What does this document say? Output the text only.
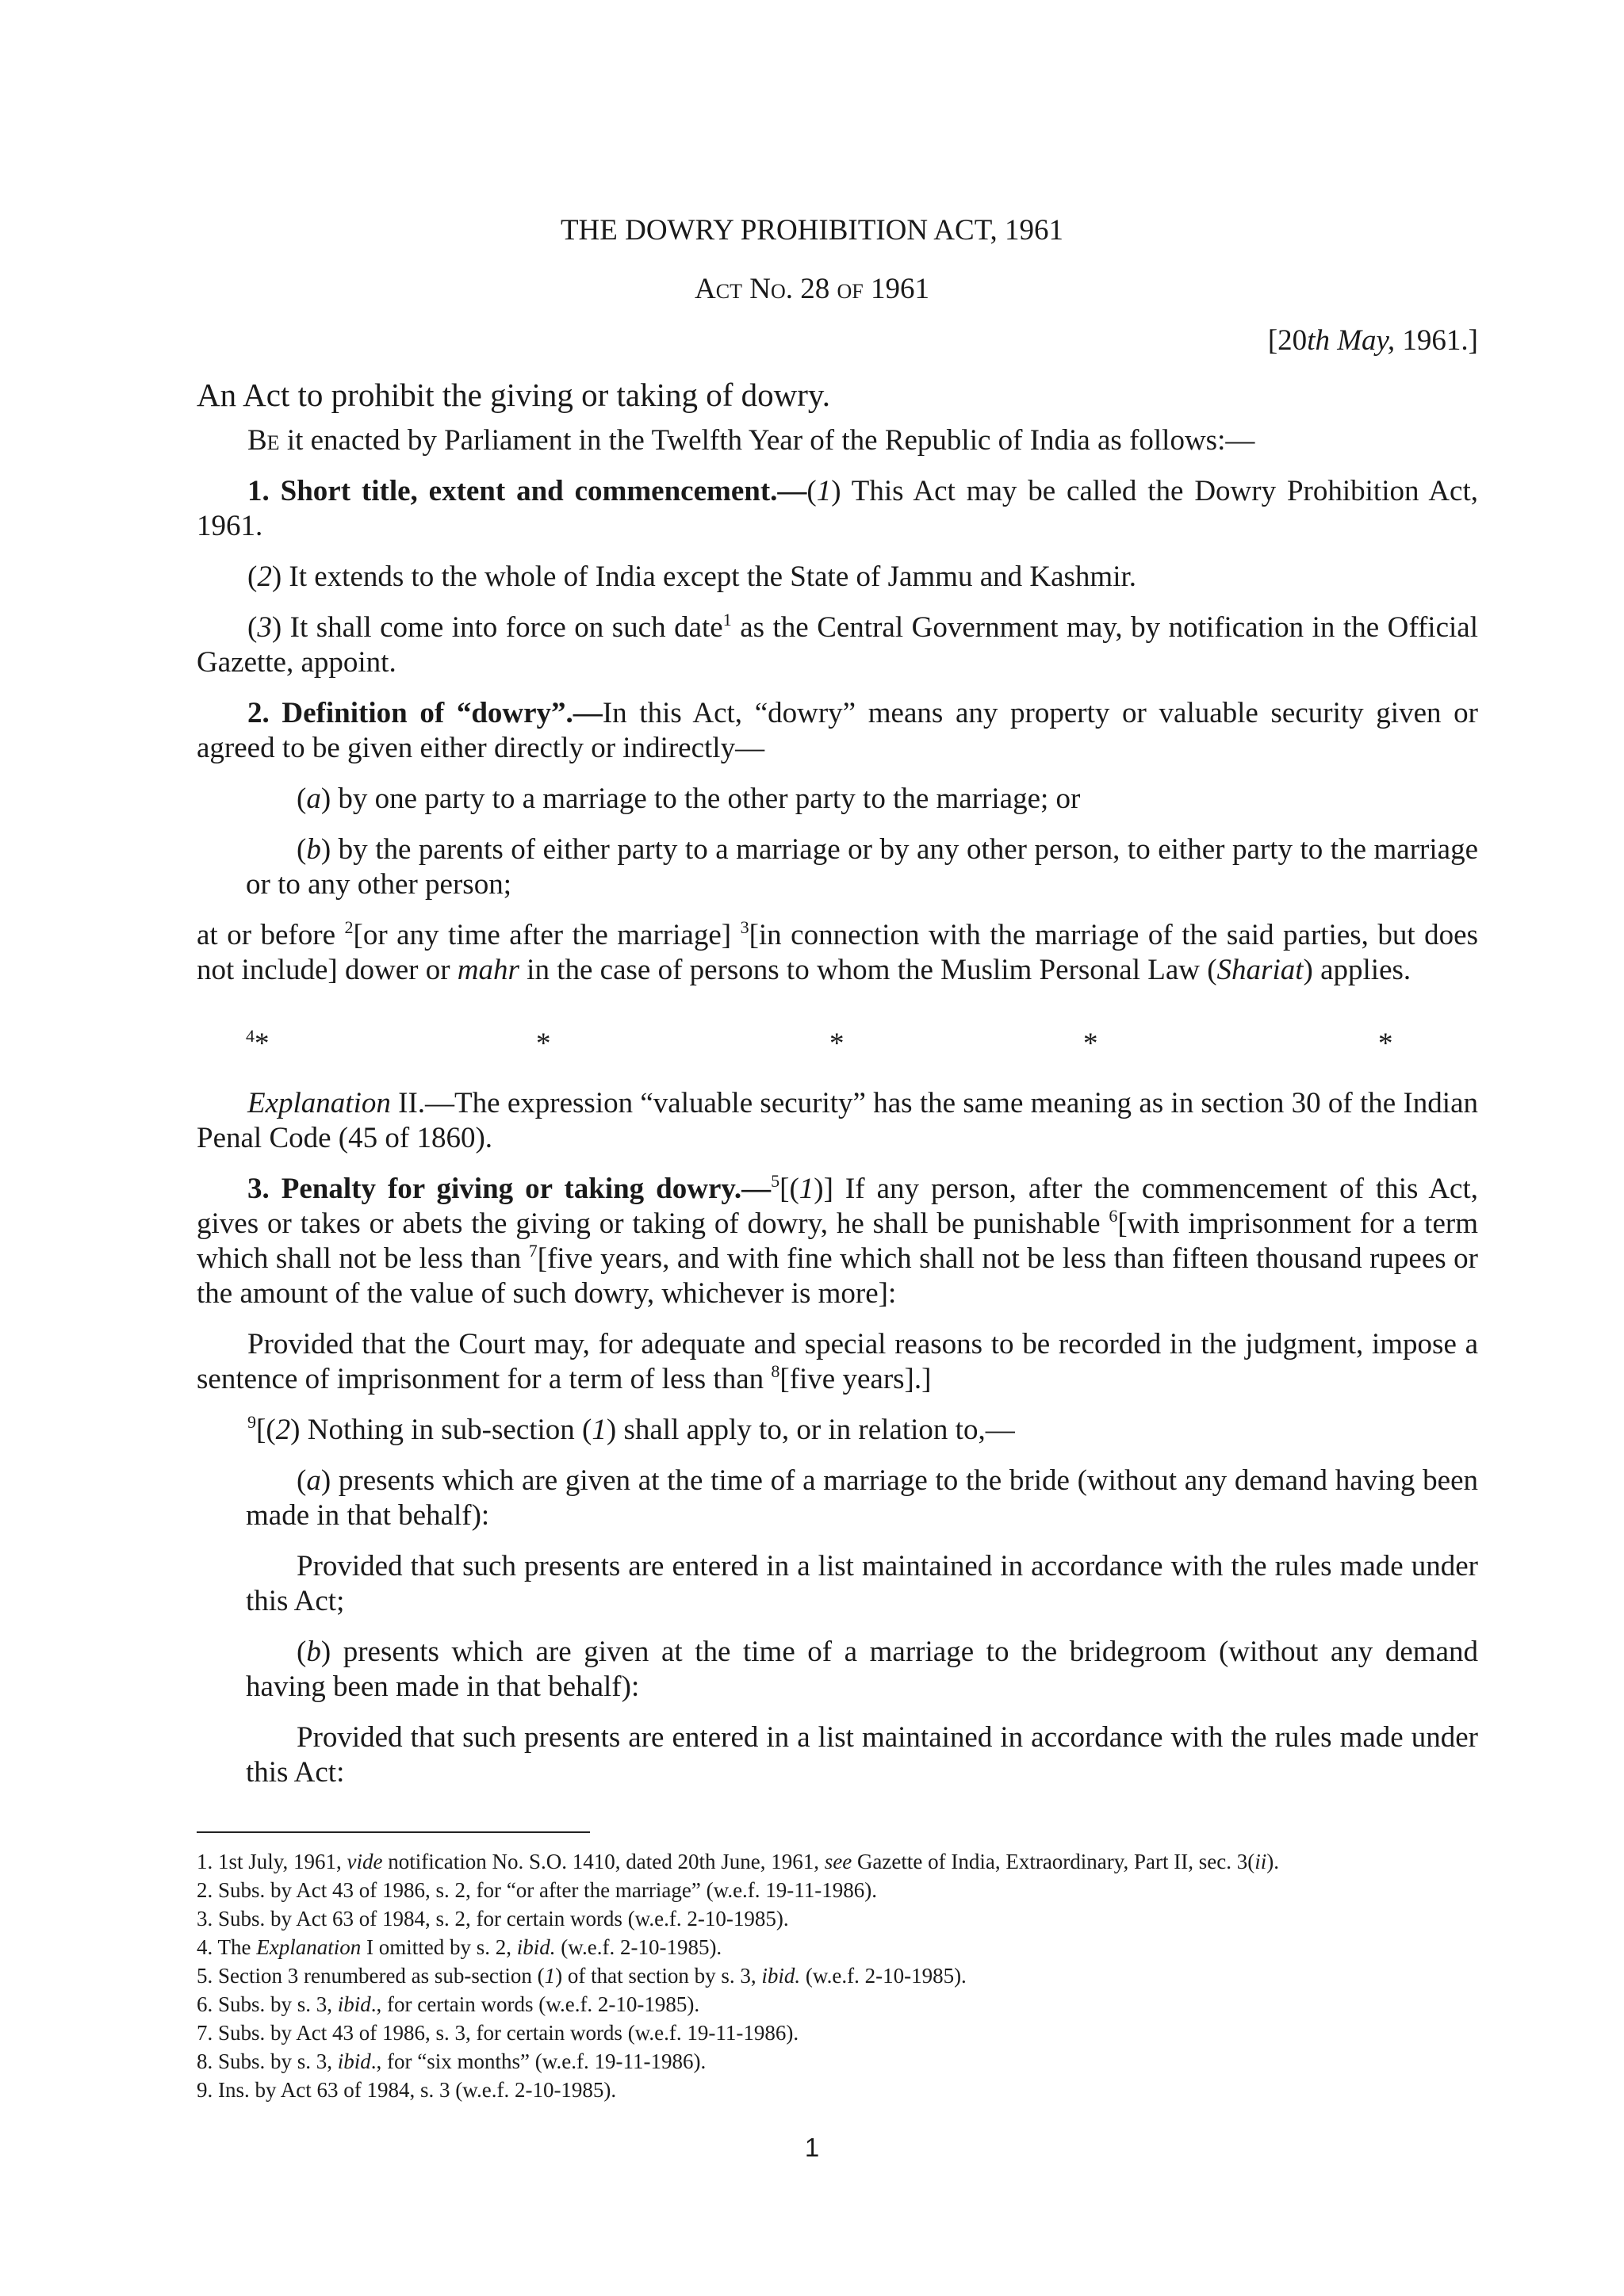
THE DOWRY PROHIBITION ACT, 1961
Act No. 28 of 1961
[20th May, 1961.]
An Act to prohibit the giving or taking of dowry.

Be it enacted by Parliament in the Twelfth Year of the Republic of India as follows:—

1. Short title, extent and commencement.—(1) This Act may be called the Dowry Prohibition Act, 1961.

(2) It extends to the whole of India except the State of Jammu and Kashmir.

(3) It shall come into force on such date$^1$ as the Central Government may, by notification in the Official Gazette, appoint.

2. Definition of “dowry”.—In this Act, “dowry” means any property or valuable security given or agreed to be given either directly or indirectly—

(a) by one party to a marriage to the other party to the marriage; or

(b) by the parents of either party to a marriage or by any other person, to either party to the marriage or to any other person;

at or before $^2$[or any time after the marriage] $^3$[in connection with the marriage of the said parties, but does not include] dower or mahr in the case of persons to whom the Muslim Personal Law (Shariat) applies.

$^4$*	*	*	*	*

Explanation II.—The expression “valuable security” has the same meaning as in section 30 of the Indian Penal Code (45 of 1860).

3. Penalty for giving or taking dowry.—$^5$[(1)] If any person, after the commencement of this Act, gives or takes or abets the giving or taking of dowry, he shall be punishable $^6$[with imprisonment for a term which shall not be less than $^7$[five years, and with fine which shall not be less than fifteen thousand rupees or the amount of the value of such dowry, whichever is more]:

Provided that the Court may, for adequate and special reasons to be recorded in the judgment, impose a sentence of imprisonment for a term of less than $^8$[five years].]

$^9$[(2) Nothing in sub-section (1) shall apply to, or in relation to,—

(a) presents which are given at the time of a marriage to the bride (without any demand having been made in that behalf):

Provided that such presents are entered in a list maintained in accordance with the rules made under this Act;

(b) presents which are given at the time of a marriage to the bridegroom (without any demand having been made in that behalf):

Provided that such presents are entered in a list maintained in accordance with the rules made under this Act:

1. 1st July, 1961, vide notification No. S.O. 1410, dated 20th June, 1961, see Gazette of India, Extraordinary, Part II, sec. 3(ii).

2. Subs. by Act 43 of 1986, s. 2, for “or after the marriage” (w.e.f. 19-11-1986).

3. Subs. by Act 63 of 1984, s. 2, for certain words (w.e.f. 2-10-1985).

4. The Explanation I omitted by s. 2, ibid. (w.e.f. 2-10-1985).

5. Section 3 renumbered as sub-section (1) of that section by s. 3, ibid. (w.e.f. 2-10-1985).

6. Subs. by s. 3, ibid., for certain words (w.e.f. 2-10-1985).

7. Subs. by Act 43 of 1986, s. 3, for certain words (w.e.f. 19-11-1986).

8. Subs. by s. 3, ibid., for “six months” (w.e.f. 19-11-1986).

9. Ins. by Act 63 of 1984, s. 3 (w.e.f. 2-10-1985).

1
